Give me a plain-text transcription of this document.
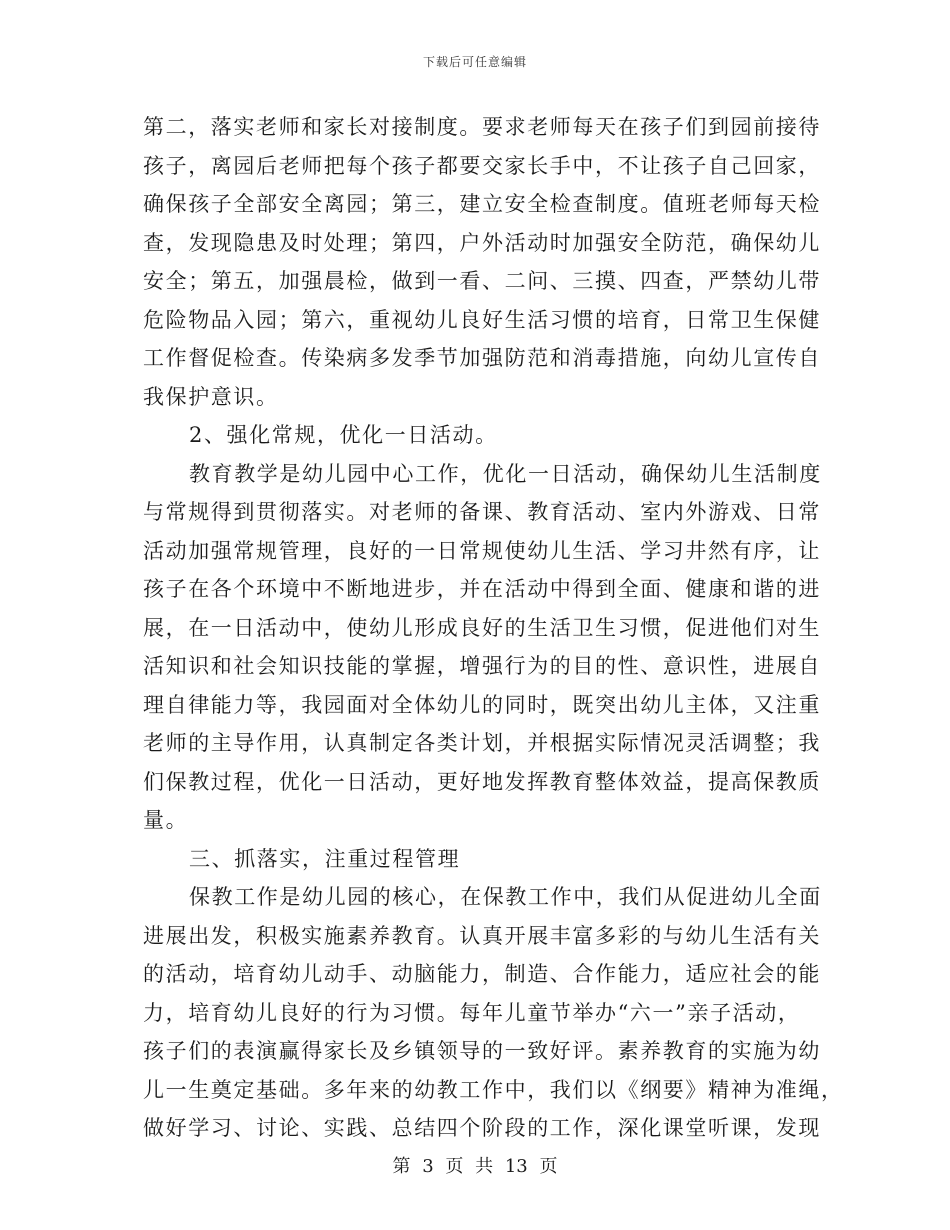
下载后可任意编辑
第二，落实老师和家长对接制度。要求老师每天在孩子们到园前接待
孩子，离园后老师把每个孩子都要交家长手中，不让孩子自己回家，
确保孩子全部安全离园；第三，建立安全检查制度。值班老师每天检
查，发现隐患及时处理；第四，户外活动时加强安全防范，确保幼儿
安全；第五，加强晨检，做到一看、二问、三摸、四查，严禁幼儿带
危险物品入园；第六，重视幼儿良好生活习惯的培育，日常卫生保健
工作督促检查。传染病多发季节加强防范和消毒措施，向幼儿宣传自
我保护意识。
2、强化常规，优化一日活动。
教育教学是幼儿园中心工作，优化一日活动，确保幼儿生活制度
与常规得到贯彻落实。对老师的备课、教育活动、室内外游戏、日常
活动加强常规管理，良好的一日常规使幼儿生活、学习井然有序，让
孩子在各个环境中不断地进步，并在活动中得到全面、健康和谐的进
展，在一日活动中，使幼儿形成良好的生活卫生习惯，促进他们对生
活知识和社会知识技能的掌握，增强行为的目的性、意识性，进展自
理自律能力等，我园面对全体幼儿的同时，既突出幼儿主体，又注重
老师的主导作用，认真制定各类计划，并根据实际情况灵活调整；我
们保教过程，优化一日活动，更好地发挥教育整体效益，提高保教质
量。
三、抓落实，注重过程管理
保教工作是幼儿园的核心，在保教工作中，我们从促进幼儿全面
进展出发，积极实施素养教育。认真开展丰富多彩的与幼儿生活有关
的活动，培育幼儿动手、动脑能力，制造、合作能力，适应社会的能
力，培育幼儿良好的行为习惯。每年儿童节举办“六一”亲子活动，
孩子们的表演赢得家长及乡镇领导的一致好评。素养教育的实施为幼
儿一生奠定基础。多年来的幼教工作中，我们以《纲要》精神为准绳，
做好学习、讨论、实践、总结四个阶段的工作，深化课堂听课，发现
第 3 页 共 13 页
